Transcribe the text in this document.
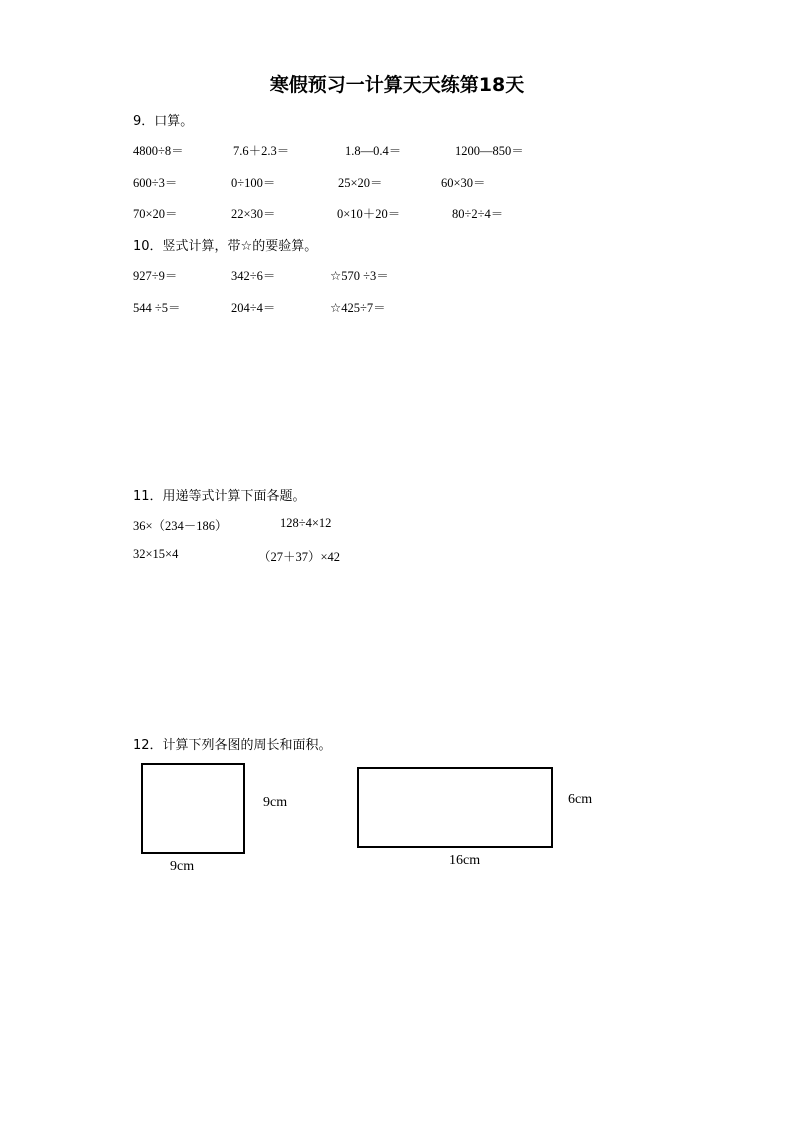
寒假预习一计算天天练第18天
9．口算。
4800÷8＝	7.6＋2.3＝	1.8—0.4＝	1200—850＝
600÷3＝	0÷100＝	25×20＝	60×30＝
70×20＝	22×30＝	0×10＋20＝	80÷2÷4＝
10．竖式计算，带☆的要验算。
927÷9＝	342÷6＝	☆570 ÷3＝
544 ÷5＝	204÷4＝	☆425÷7＝
11．用递等式计算下面各题。
36×（234－186）	128÷4×12
32×15×4	（27＋37）×42
12．计算下列各图的周长和面积。
9cm
9cm
6cm
16cm
